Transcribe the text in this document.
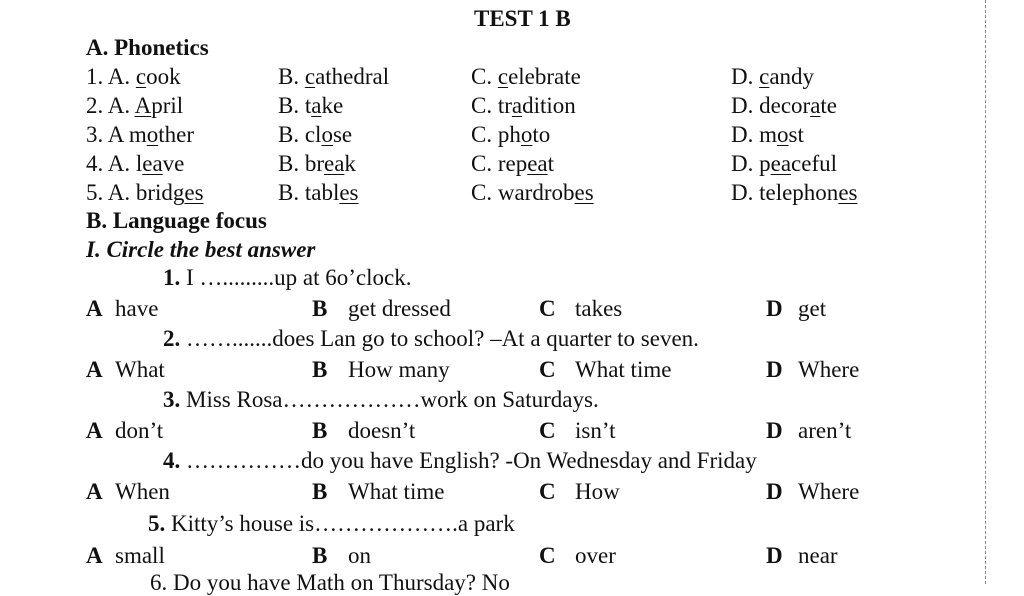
TEST 1 B
A. Phonetics
1. A. cook	B. cathedral	C. celebrate	D. candy
2. A. April	B. take	C. tradition	D. decorate
3. A mother	B. close	C. photo	D. most
4. A. leave	B. break	C. repeat	D. peaceful
5. A. bridges	B. tables	C. wardrobes	D. telephones
B. Language focus
I. Circle the best answer
1. I ….........up at 6o’clock.
A have	B get dressed	C takes	D get
2. …….......does Lan go to school? –At a quarter to seven.
A What	B How many	C What time	D Where
3. Miss Rosa………………work on Saturdays.
A don’t	B doesn’t	C isn’t	D aren’t
4. ……………do you have English? -On Wednesday and Friday
A When	B What time	C How	D Where
5. Kitty’s house is……………….a park
A small	B on	C over	D near
6. Do you have Math on Thursday? No
